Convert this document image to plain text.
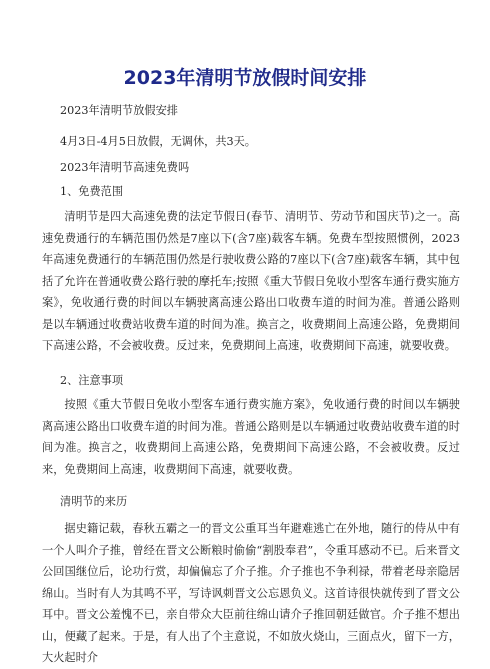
2023年清明节放假时间安排
2023年清明节放假安排
4月3日-4月5日放假，无调休，共3天。
2023年清明节高速免费吗
1、免费范围
清明节是四大高速免费的法定节假日(春节、清明节、劳动节和国庆节)之一。高速免费通行的车辆范围仍然是7座以下(含7座)载客车辆。免费车型按照惯例，2023年高速免费通行的车辆范围仍然是行驶收费公路的7座以下(含7座)载客车辆，其中包括了允许在普通收费公路行驶的摩托车;按照《重大节假日免收小型客车通行费实施方案》，免收通行费的时间以车辆驶离高速公路出口收费车道的时间为准。普通公路则是以车辆通过收费站收费车道的时间为准。换言之，收费期间上高速公路，免费期间下高速公路，不会被收费。反过来，免费期间上高速，收费期间下高速，就要收费。
2、注意事项
按照《重大节假日免收小型客车通行费实施方案》，免收通行费的时间以车辆驶离高速公路出口收费车道的时间为准。普通公路则是以车辆通过收费站收费车道的时间为准。换言之，收费期间上高速公路，免费期间下高速公路，不会被收费。反过来，免费期间上高速，收费期间下高速，就要收费。
清明节的来历
据史籍记载，春秋五霸之一的晋文公重耳当年避难逃亡在外地，随行的侍从中有一个人叫介子推，曾经在晋文公断粮时偷偷“割股奉君”，令重耳感动不已。后来晋文公回国继位后，论功行赏，却偏偏忘了介子推。介子推也不争利禄，带着老母亲隐居绵山。当时有人为其鸣不平，写诗讽刺晋文公忘恩负义。这首诗很快就传到了晋文公耳中。晋文公羞愧不已，亲自带众大臣前往绵山请介子推回朝廷做官。介子推不想出山，便藏了起来。于是，有人出了个主意说，不如放火烧山，三面点火，留下一方，大火起时介
